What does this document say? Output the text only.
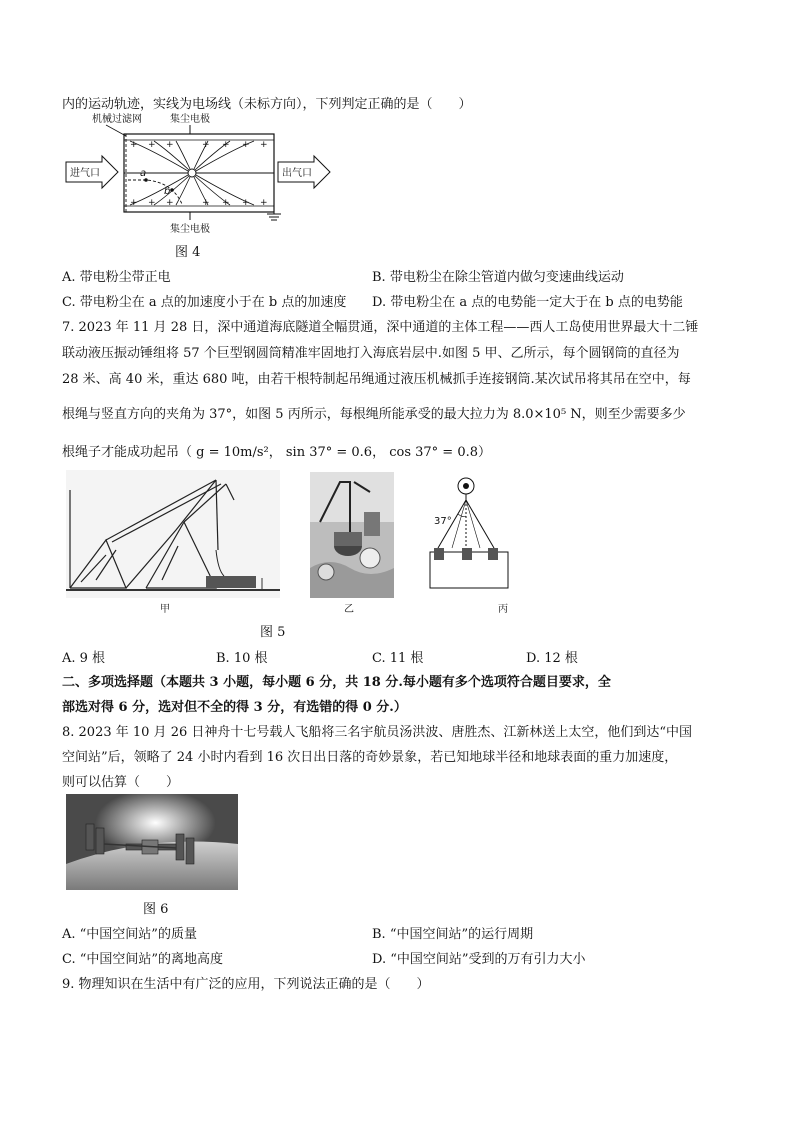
内的运动轨迹，实线为电场线（未标方向），下列判定正确的是（　　）
机械过滤网	集尘电极
+ + +	+ + + +
+ + +	+ + + +
a
b
进气口	出气口
集尘电极
图 4
A. 带电粉尘带正电	B. 带电粉尘在除尘管道内做匀变速曲线运动
C. 带电粉尘在 a 点的加速度小于在 b 点的加速度 D. 带电粉尘在 a 点的电势能一定大于在 b 点的电势能
7. 2023 年 11 月 28 日，深中通道海底隧道全幅贯通，深中通道的主体工程——西人工岛使用世界最大十二锤
联动液压振动锤组将 57 个巨型钢圆筒精准牢固地打入海底岩层中.如图 5 甲、乙所示，每个圆钢筒的直径为
28 米、高 40 米，重达 680 吨，由若干根特制起吊绳通过液压机械抓手连接钢筒.某次试吊将其吊在空中，每
根绳与竖直方向的夹角为 37°，如图 5 丙所示，每根绳所能承受的最大拉力为 8.0×10⁵ N，则至少需要多少
根绳子才能成功起吊（ g = 10m/s²， sin 37° = 0.6， cos 37° = 0.8）
甲	乙
37°
丙
图 5
A. 9 根	B. 10 根	C. 11 根	D. 12 根
二、多项选择题（本题共 3 小题，每小题 6 分，共 18 分.每小题有多个选项符合题目要求，全
部选对得 6 分，选对但不全的得 3 分，有选错的得 0 分.）
8. 2023 年 10 月 26 日神舟十七号载人飞船将三名宇航员汤洪波、唐胜杰、江新林送上太空，他们到达“中国
空间站”后，领略了 24 小时内看到 16 次日出日落的奇妙景象，若已知地球半径和地球表面的重力加速度，
则可以估算（　　）
图 6
A. “中国空间站”的质量	B. “中国空间站”的运行周期
C. “中国空间站”的离地高度	D. “中国空间站”受到的万有引力大小
9. 物理知识在生活中有广泛的应用，下列说法正确的是（　　）
